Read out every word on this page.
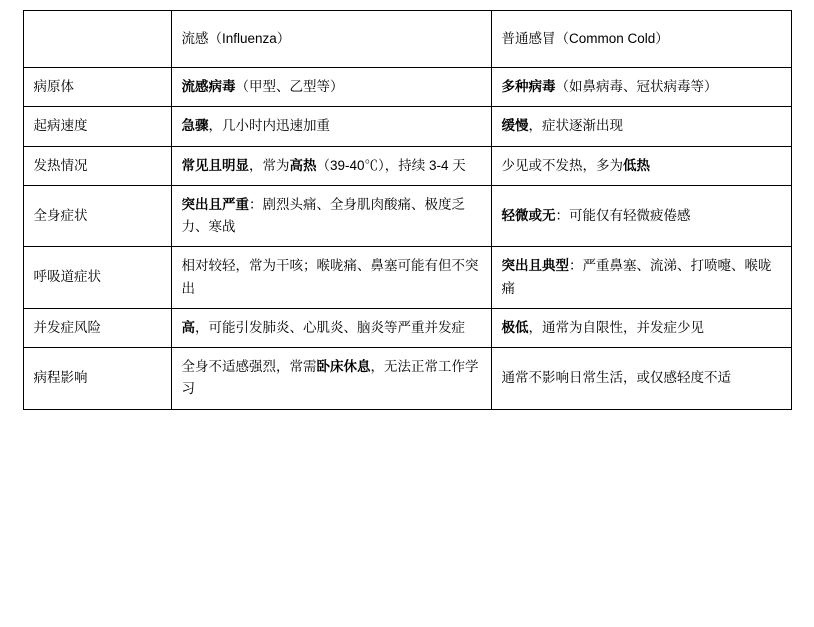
	流感（Influenza）	普通感冒（Common Cold）
病原体	流感病毒（甲型、乙型等）	多种病毒（如鼻病毒、冠状病毒等）
起病速度	急骤，几小时内迅速加重	缓慢，症状逐渐出现
发热情况	常见且明显，常为高热（39-40℃），持续 3-4 天	少见或不发热，多为低热
全身症状	突出且严重：剧烈头痛、全身肌肉酸痛、极度乏力、寒战	轻微或无：可能仅有轻微疲倦感
呼吸道症状	相对较轻，常为干咳；喉咙痛、鼻塞可能有但不突出	突出且典型：严重鼻塞、流涕、打喷嚏、喉咙痛
并发症风险	高，可能引发肺炎、心肌炎、脑炎等严重并发症	极低，通常为自限性，并发症少见
病程影响	全身不适感强烈，常需卧床休息，无法正常工作学习	通常不影响日常生活，或仅感轻度不适
